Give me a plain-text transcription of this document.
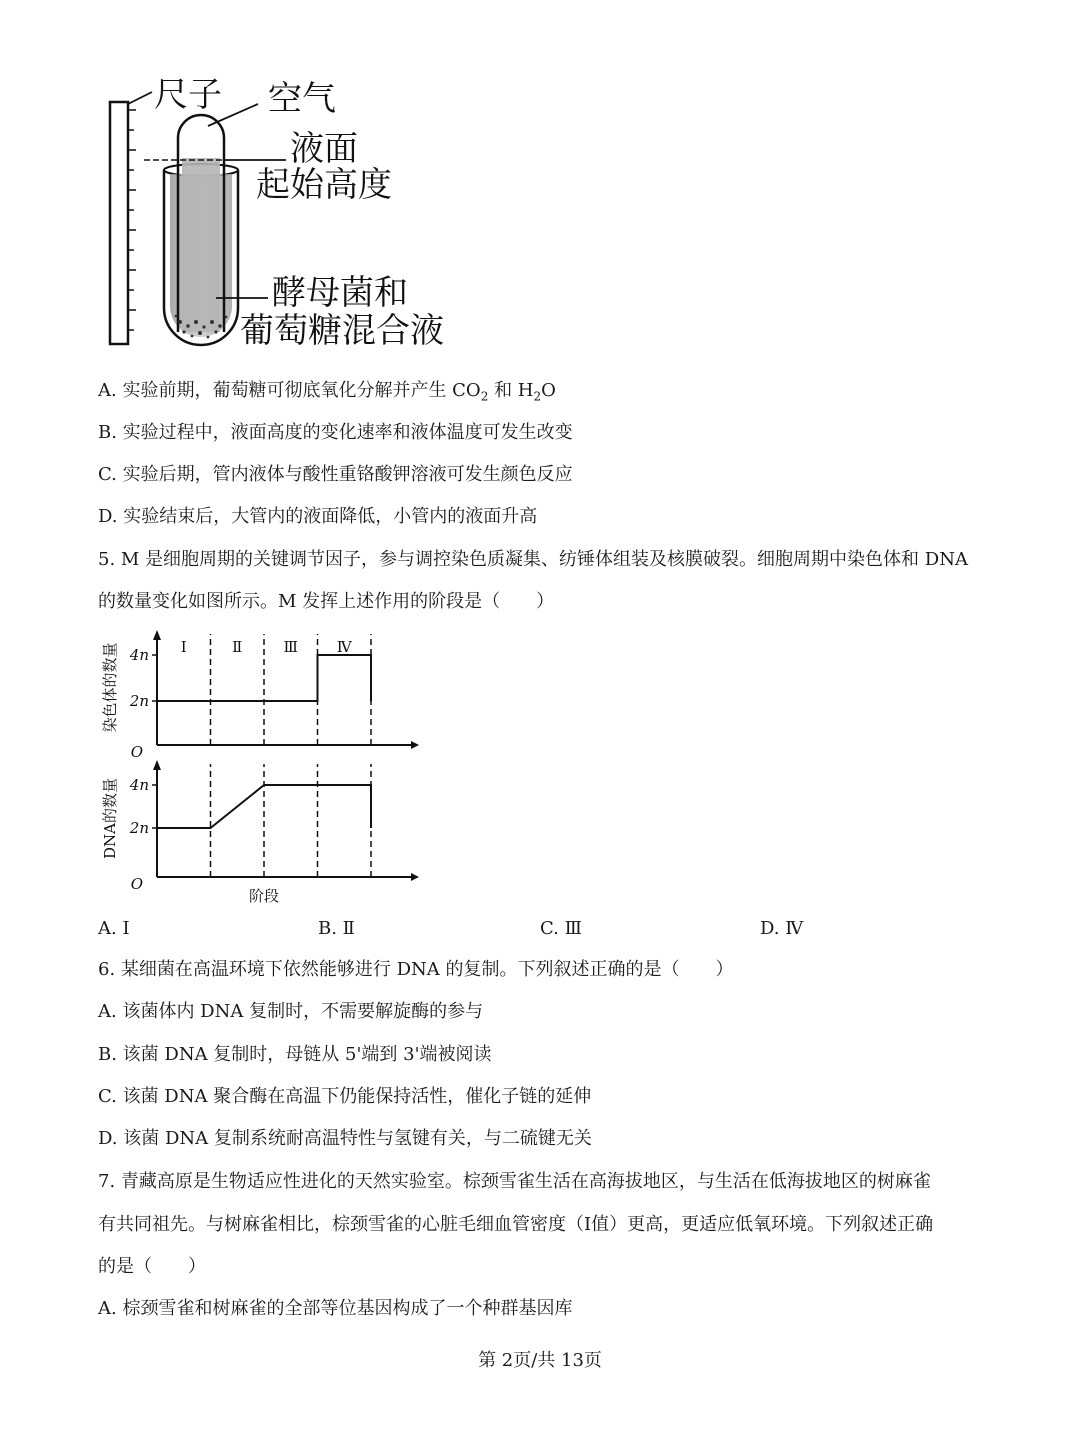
尺子 空气
液面
起始高度
酵母菌和
葡萄糖混合液
A. 实验前期，葡萄糖可彻底氧化分解并产生 $CO_2$ 和 $H_2O$
B. 实验过程中，液面高度的变化速率和液体温度可发生改变
C. 实验后期，管内液体与酸性重铬酸钾溶液可发生颜色反应
D. 实验结束后，大管内的液面降低，小管内的液面升高
5. M 是细胞周期的关键调节因子，参与调控染色质凝集、纺锤体组装及核膜破裂。细胞周期中染色体和 DNA
的数量变化如图所示。M 发挥上述作用的阶段是（　　）
4n
2n
O
染色体的数量	Ⅰ	Ⅱ	Ⅲ	Ⅳ
4n
2n
O
DNA的数量
阶段
A. Ⅰ	B. Ⅱ	C. Ⅲ	D. Ⅳ
6. 某细菌在高温环境下依然能够进行 DNA 的复制。下列叙述正确的是（　　）
A. 该菌体内 DNA 复制时，不需要解旋酶的参与
B. 该菌 DNA 复制时，母链从 5'端到 3'端被阅读
C. 该菌 DNA 聚合酶在高温下仍能保持活性，催化子链的延伸
D. 该菌 DNA 复制系统耐高温特性与氢键有关，与二硫键无关
7. 青藏高原是生物适应性进化的天然实验室。棕颈雪雀生活在高海拔地区，与生活在低海拔地区的树麻雀
有共同祖先。与树麻雀相比，棕颈雪雀的心脏毛细血管密度（Ⅰ值）更高，更适应低氧环境。下列叙述正确
的是（　　）
A. 棕颈雪雀和树麻雀的全部等位基因构成了一个种群基因库
第 2页/共 13页
